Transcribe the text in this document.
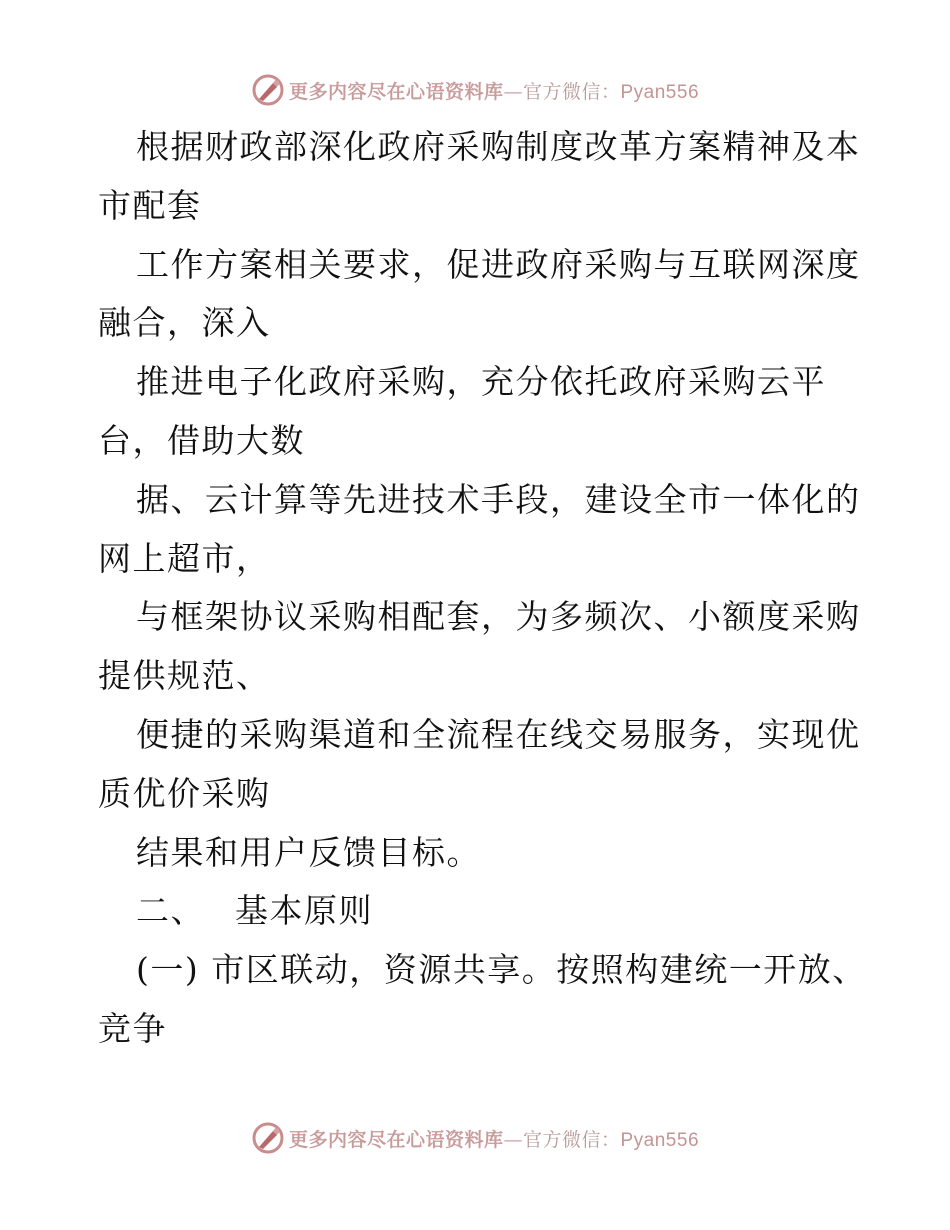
更多内容尽在心语资料库—官方微信：Pyan556
根据财政部深化政府采购制度改革方案精神及本
市配套
工作方案相关要求，促进政府采购与互联网深度
融合，深入
推进电子化政府采购，充分依托政府采购云平
台，借助大数
据、云计算等先进技术手段，建设全市一体化的
网上超市，
与框架协议采购相配套，为多频次、小额度采购
提供规范、
便捷的采购渠道和全流程在线交易服务，实现优
质优价采购
结果和用户反馈目标。
二、 基本原则
(一) 市区联动，资源共享。按照构建统一开放、
竞争
更多内容尽在心语资料库—官方微信：Pyan556
